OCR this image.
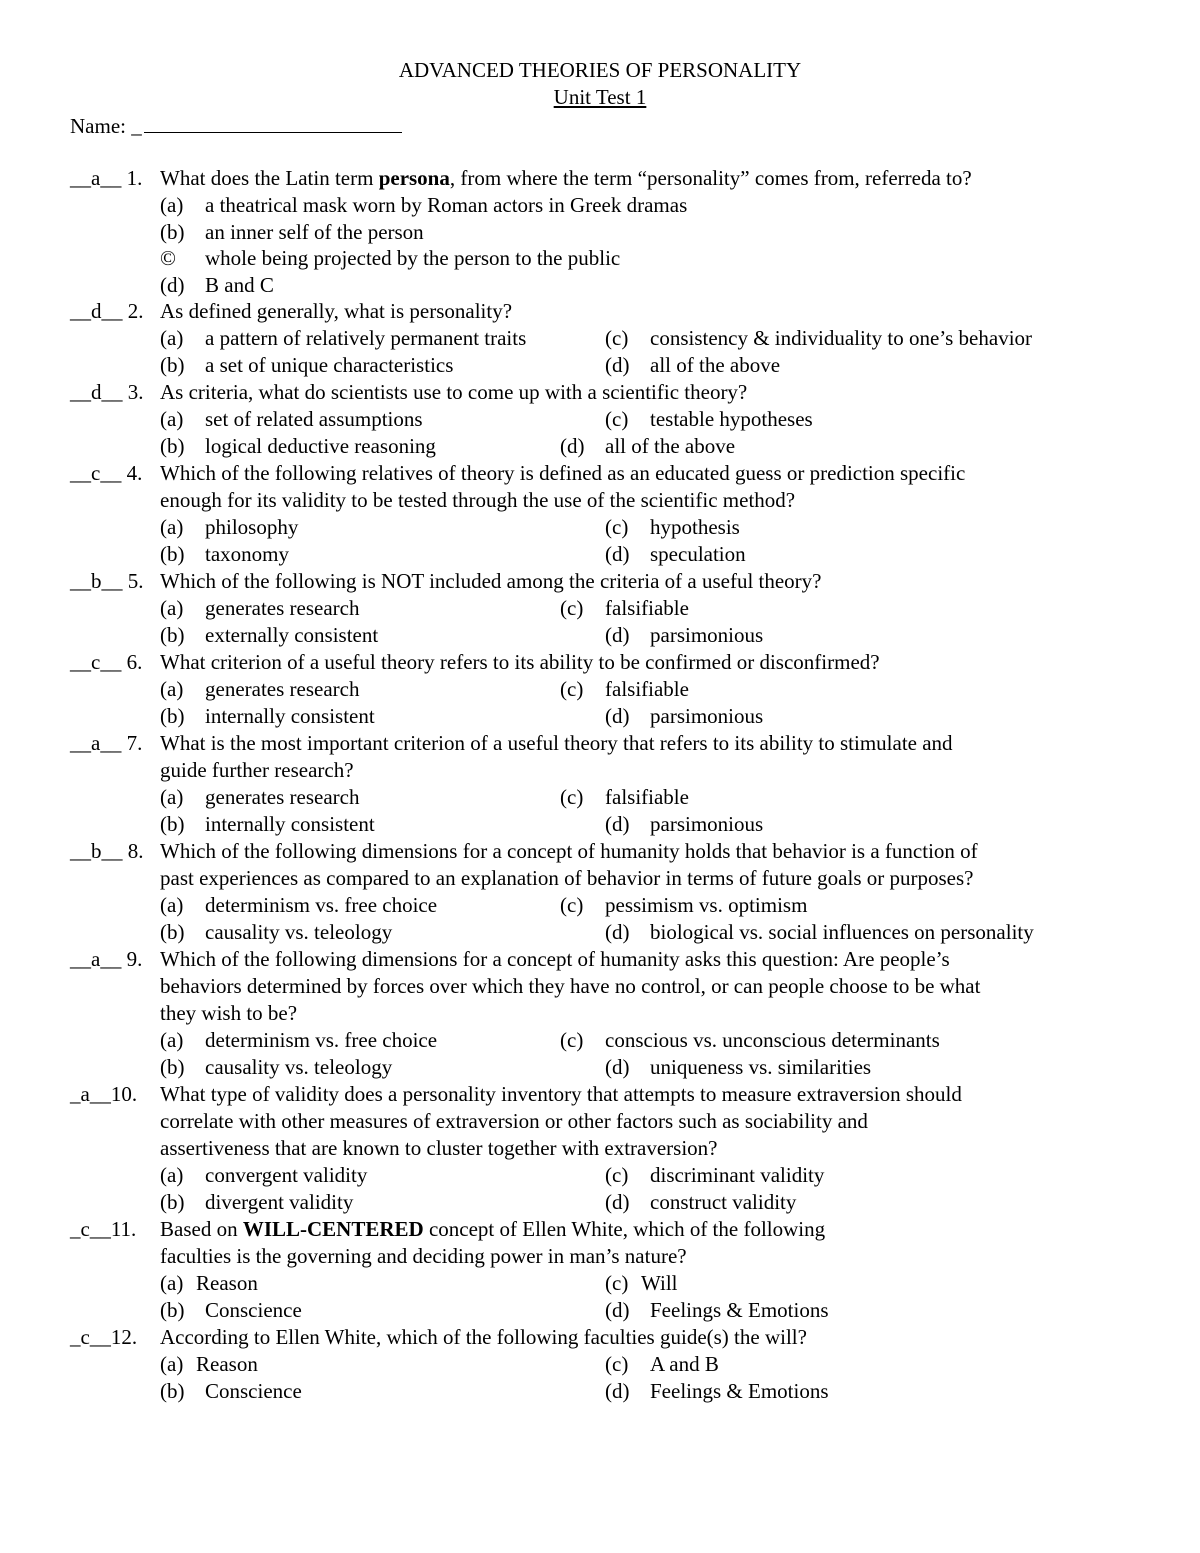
ADVANCED THEORIES OF PERSONALITY
Unit Test 1
Name: _
__a__ 1. What does the Latin term persona, from where the term “personality” comes from, referreda to?
(a) a theatrical mask worn by Roman actors in Greek dramas
(b) an inner self of the person
© whole being projected by the person to the public
(d) B and C
__d__ 2. As defined generally, what is personality?
(a) a pattern of relatively permanent traits	(c) consistency & individuality to one’s behavior
(b) a set of unique characteristics	(d) all of the above
__d__ 3. As criteria, what do scientists use to come up with a scientific theory?
(a) set of related assumptions	(c) testable hypotheses
(b) logical deductive reasoning	(d) all of the above
__c__ 4. Which of the following relatives of theory is defined as an educated guess or prediction specific
enough for its validity to be tested through the use of the scientific method?
(a) philosophy	(c) hypothesis
(b) taxonomy	(d) speculation
__b__ 5. Which of the following is NOT included among the criteria of a useful theory?
(a) generates research	(c) falsifiable
(b) externally consistent	(d) parsimonious
__c__ 6. What criterion of a useful theory refers to its ability to be confirmed or disconfirmed?
(a) generates research	(c) falsifiable
(b) internally consistent	(d) parsimonious
__a__ 7. What is the most important criterion of a useful theory that refers to its ability to stimulate and
guide further research?
(a) generates research	(c) falsifiable
(b) internally consistent	(d) parsimonious
__b__ 8. Which of the following dimensions for a concept of humanity holds that behavior is a function of
past experiences as compared to an explanation of behavior in terms of future goals or purposes?
(a) determinism vs. free choice	(c) pessimism vs. optimism
(b) causality vs. teleology	(d) biological vs. social influences on personality
__a__ 9. Which of the following dimensions for a concept of humanity asks this question: Are people’s
behaviors determined by forces over which they have no control, or can people choose to be what
they wish to be?
(a) determinism vs. free choice	(c) conscious vs. unconscious determinants
(b) causality vs. teleology	(d) uniqueness vs. similarities
_a__10.	What type of validity does a personality inventory that attempts to measure extraversion should
correlate with other measures of extraversion or other factors such as sociability and
assertiveness that are known to cluster together with extraversion?
(a) convergent validity	(c) discriminant validity
(b) divergent validity	(d) construct validity
_c__11.	Based on WILL-CENTERED concept of Ellen White, which of the following
faculties is the governing and deciding power in man’s nature?
(a) Reason	(c) Will
(b) Conscience	(d) Feelings & Emotions
_c__12.	According to Ellen White, which of the following faculties guide(s) the will?
(a) Reason	(c) A and B
(b) Conscience	(d) Feelings & Emotions
